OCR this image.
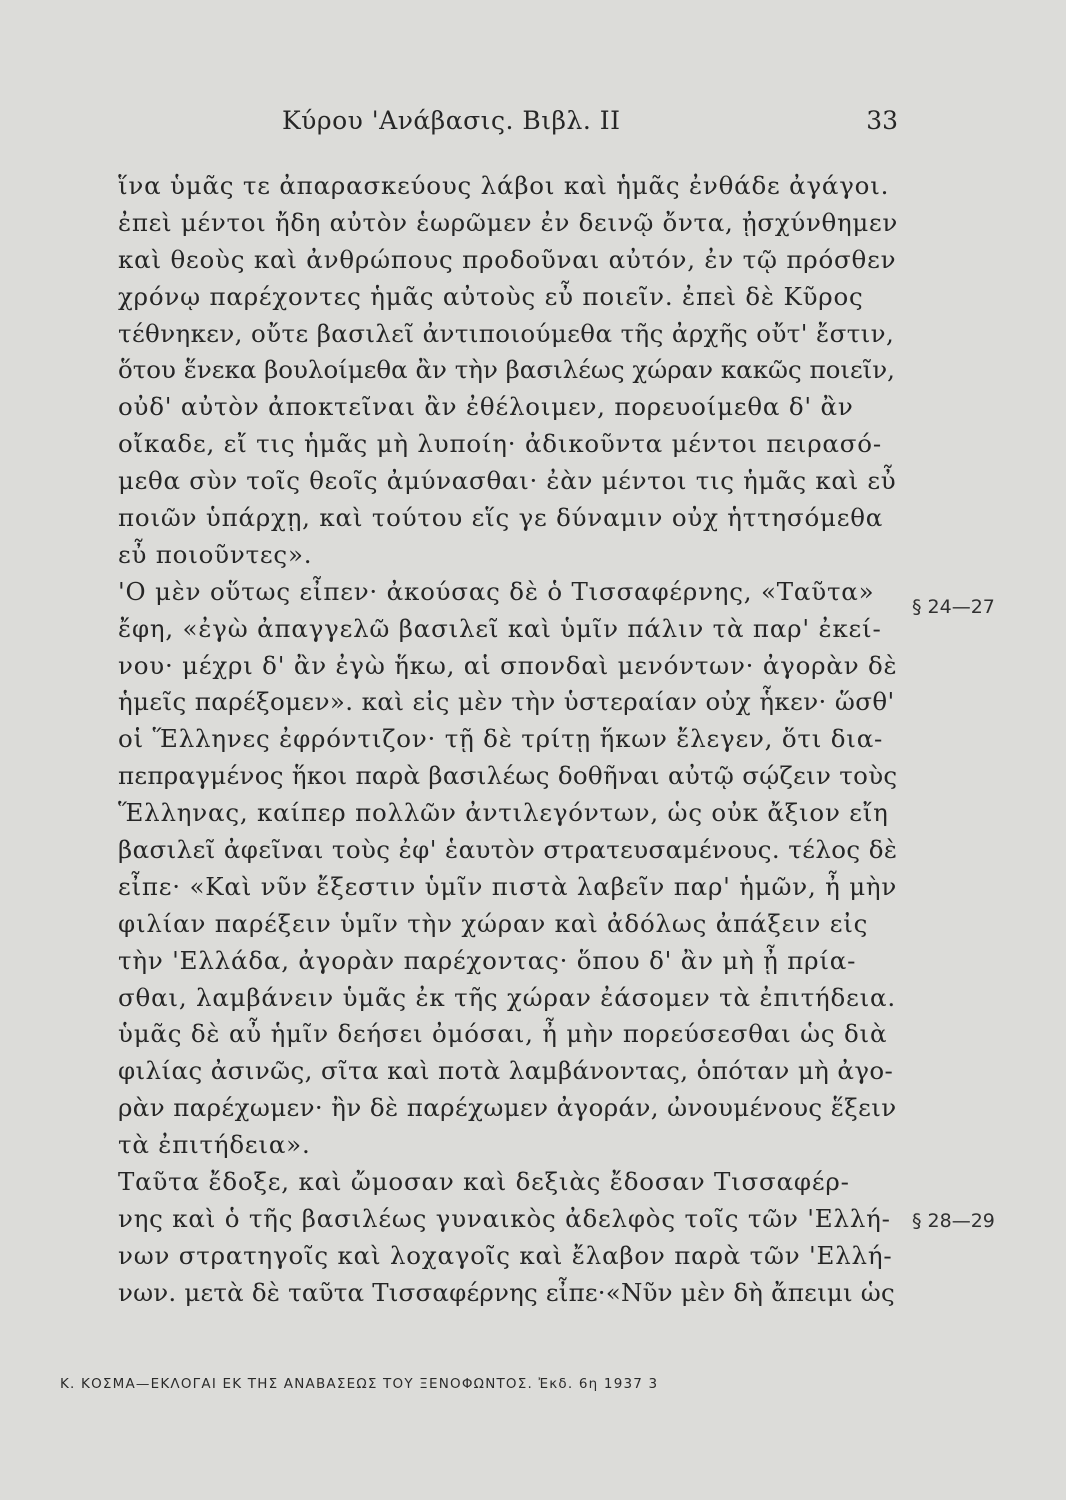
Κύρου 'Ανάβασις. Βιβλ. ΙΙ	33
ἵνα ὑμᾶς τε ἀπαρασκεύους λάβοι καὶ ἡμᾶς ἐνθάδε ἀγάγοι.
ἐπεὶ μέντοι ἤδη αὐτὸν ἑωρῶμεν ἐν δεινῷ ὄντα, ᾐσχύνθημεν
καὶ θεοὺς καὶ ἀνθρώπους προδοῦναι αὐτόν, ἐν τῷ πρόσθεν
χρόνῳ παρέχοντες ἡμᾶς αὐτοὺς εὖ ποιεῖν. ἐπεὶ δὲ Κῦρος
τέθνηκεν, οὔτε βασιλεῖ ἀντιποιούμεθα τῆς ἀρχῆς οὔτ' ἔστιν,
ὅτου ἕνεκα βουλοίμεθα ἂν τὴν βασιλέως χώραν κακῶς ποιεῖν,
οὐδ' αὐτὸν ἀποκτεῖναι ἂν ἐθέλοιμεν, πορευοίμεθα δ' ἂν
οἴκαδε, εἴ τις ἡμᾶς μὴ λυποίη· ἀδικοῦντα μέντοι πειρασό-
μεθα σὺν τοῖς θεοῖς ἀμύνασθαι· ἐὰν μέντοι τις ἡμᾶς καὶ εὖ
ποιῶν ὑπάρχῃ, καὶ τούτου εἵς γε δύναμιν οὐχ ἡττησόμεθα
εὖ ποιοῦντες».
'Ο μὲν οὕτως εἶπεν· ἀκούσας δὲ ὁ Τισσαφέρνης, «Ταῦτα»
ἔφη, «ἐγὼ ἀπαγγελῶ βασιλεῖ καὶ ὑμῖν πάλιν τὰ παρ' ἐκεί-
νου· μέχρι δ' ἂν ἐγὼ ἥκω, αἱ σπονδαὶ μενόντων· ἀγορὰν δὲ
ἡμεῖς παρέξομεν». καὶ εἰς μὲν τὴν ὑστεραίαν οὐχ ἧκεν· ὥσθ'
οἱ Ἕλληνες ἐφρόντιζον· τῇ δὲ τρίτῃ ἥκων ἔλεγεν, ὅτι δια-
πεπραγμένος ἥκοι παρὰ βασιλέως δοθῆναι αὐτῷ σῴζειν τοὺς
Ἕλληνας, καίπερ πολλῶν ἀντιλεγόντων, ὡς οὐκ ἄξιον εἴη
βασιλεῖ ἀφεῖναι τοὺς ἐφ' ἑαυτὸν στρατευσαμένους. τέλος δὲ
εἶπε· «Καὶ νῦν ἔξεστιν ὑμῖν πιστὰ λαβεῖν παρ' ἡμῶν, ἦ μὴν
φιλίαν παρέξειν ὑμῖν τὴν χώραν καὶ ἀδόλως ἀπάξειν εἰς
τὴν 'Ελλάδα, ἀγορὰν παρέχοντας· ὅπου δ' ἂν μὴ ᾖ πρία-
σθαι, λαμβάνειν ὑμᾶς ἐκ τῆς χώραν ἐάσομεν τὰ ἐπιτήδεια.
ὑμᾶς δὲ αὖ ἡμῖν δεήσει ὀμόσαι, ἦ μὴν πορεύσεσθαι ὡς διὰ
φιλίας ἀσινῶς, σῖτα καὶ ποτὰ λαμβάνοντας, ὁπόταν μὴ ἀγο-
ρὰν παρέχωμεν· ἢν δὲ παρέχωμεν ἀγοράν, ὠνουμένους ἕξειν
τὰ ἐπιτήδεια».
Ταῦτα ἔδοξε, καὶ ὤμοσαν καὶ δεξιὰς ἔδοσαν Τισσαφέρ-
νης καὶ ὁ τῆς βασιλέως γυναικὸς ἀδελφὸς τοῖς τῶν 'Ελλή-
νων στρατηγοῖς καὶ λοχαγοῖς καὶ ἔλαβον παρὰ τῶν 'Ελλή-
νων. μετὰ δὲ ταῦτα Τισσαφέρνης εἶπε·«Νῦν μὲν δὴ ἄπειμι ὡς
§ 24—27
§ 28—29
Κ. ΚΟΣΜΑ—ΕΚΛΟΓΑΙ ΕΚ ΤΗΣ ΑΝΑΒΑΣΕΩΣ ΤΟΥ ΞΕΝΟΦΩΝΤΟΣ. Ἐκδ. 6η 1937 3
